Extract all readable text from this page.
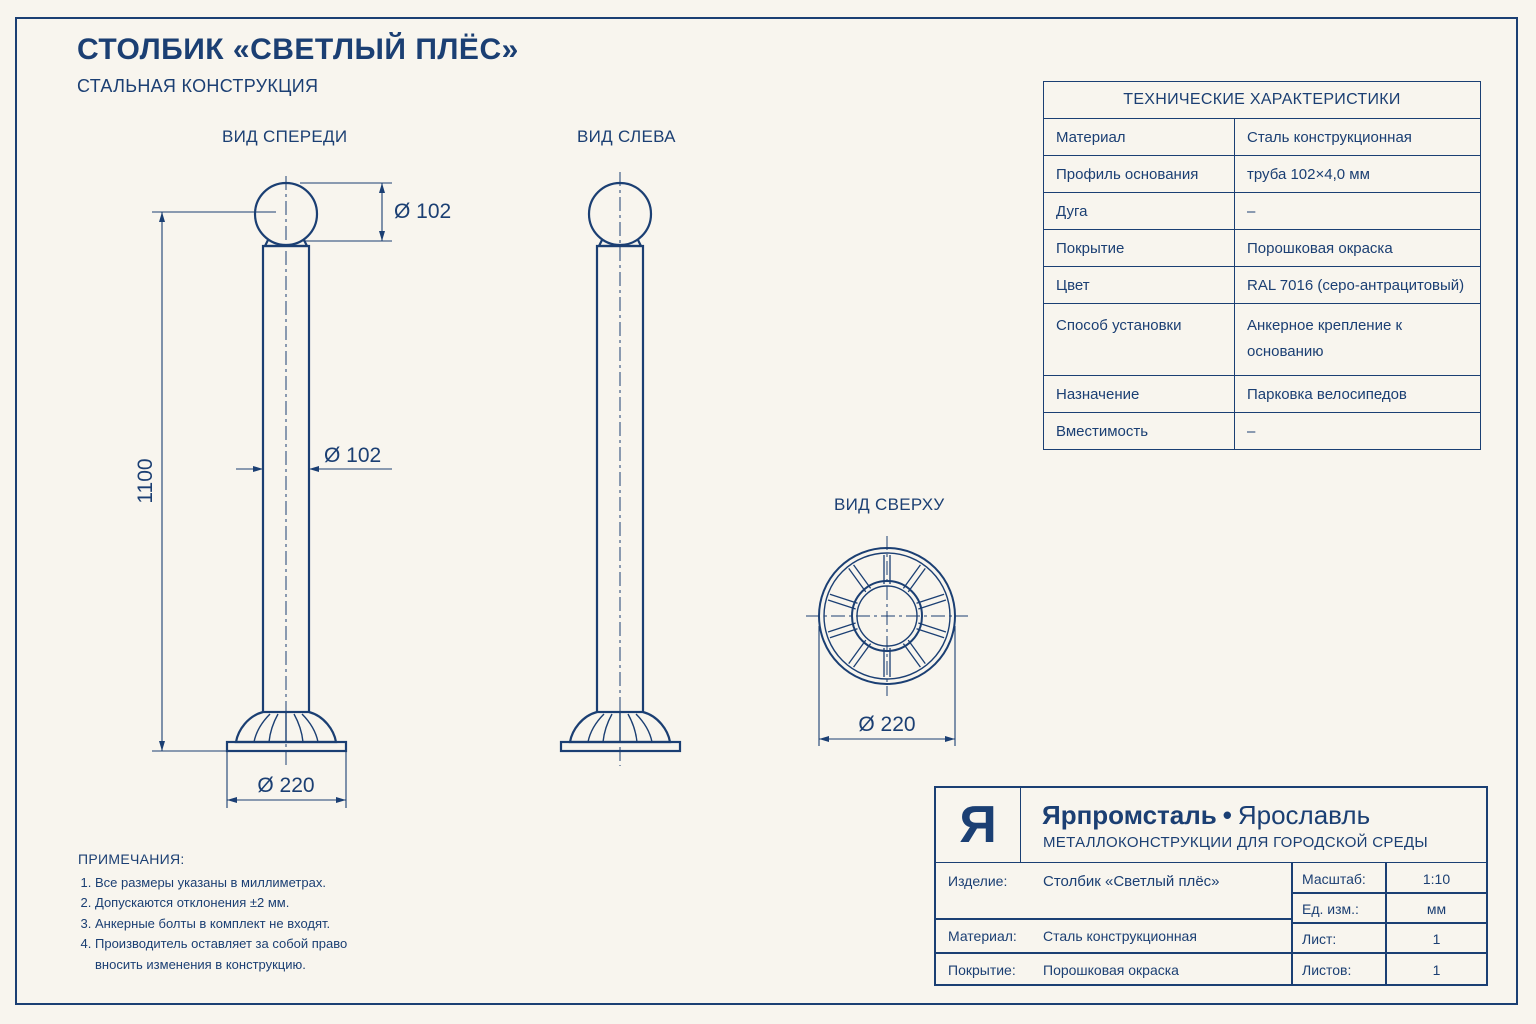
СТОЛБИК «СВЕТЛЫЙ ПЛЁС»
СТАЛЬНАЯ КОНСТРУКЦИЯ
ВИД СПЕРЕДИ	ВИД СЛЕВА
ВИД СВЕРХУ
1100
Ø 102
Ø 102
Ø 220
Ø 220
ТЕХНИЧЕСКИЕ ХАРАКТЕРИСТИКИ	
Материал	Сталь конструкционная
Профиль основания	труба 102×4,0 мм
Дуга	–
Покрытие	Порошковая окраска
Цвет	RAL 7016 (серо-антрацитовый)
Способ установки	Анкерное крепление к основанию
Назначение	Парковка велосипедов
Вместимость	–
ПРИМЕЧАНИЯ:
1. Все размеры указаны в миллиметрах.
2. Допускаются отклонения ±2 мм.
3. Анкерные болты в комплект не входят.
4. Производитель оставляет за собой право вносить изменения в конструкцию.
Я	Ярпромсталь • Ярославль
МЕТАЛЛОКОНСТРУКЦИИ ДЛЯ ГОРОДСКОЙ СРЕДЫ
Изделие: Столбик «Светлый плёс»
Материал: Сталь конструкционная
Покрытие: Порошковая окраска
Масштаб:	1:10
Ед. изм.:	мм
Лист:	1
Листов:	1
